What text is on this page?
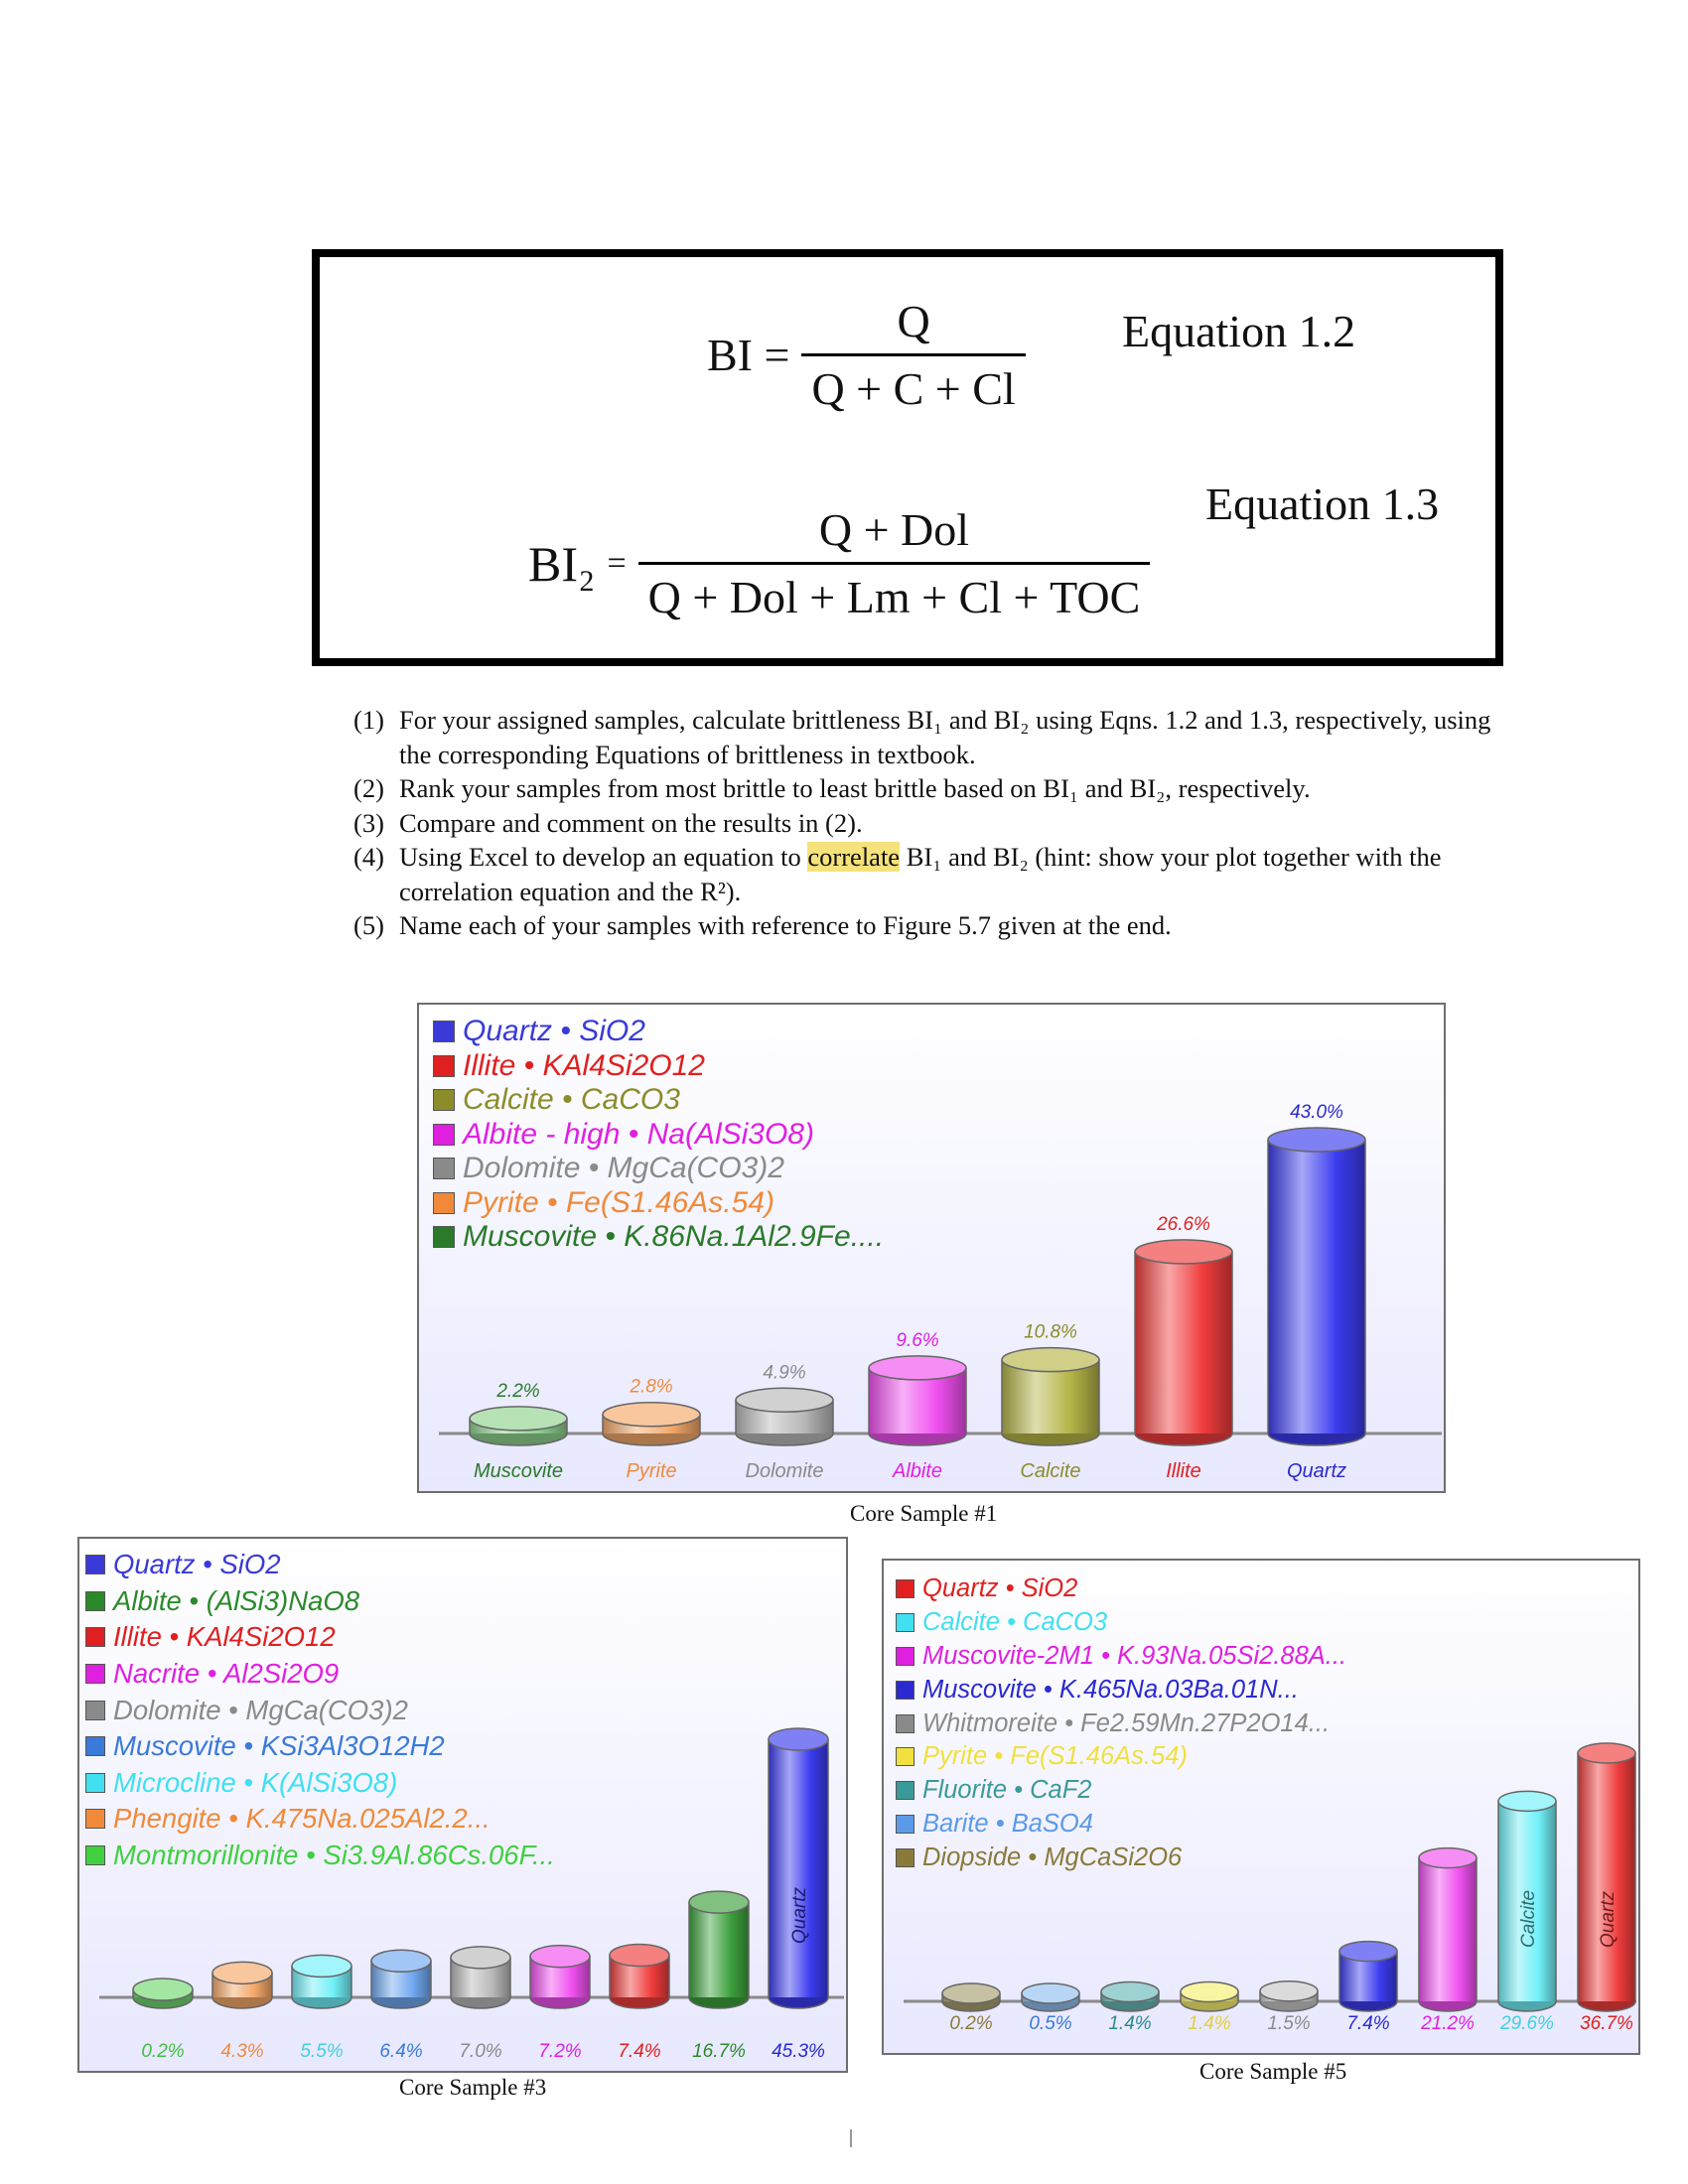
BI = $\frac{Q}{Q + C + Cl}$ Equation 1.2
$BI_2 = \frac{\text{Q + Dol}}{\text{Q + Dol + Lm + Cl + TOC}}$ Equation 1.3
(1) For your assigned samples, calculate brittleness BI₁ and BI₂ using Eqns. 1.2 and 1.3, respectively, using the corresponding Equations of brittleness in textbook.
(2) Rank your samples from most brittle to least brittle based on BI₁ and BI₂, respectively.
(3) Compare and comment on the results in (2).
(4) Using Excel to develop an equation to correlate BI₁ and BI₂ (hint: show your plot together with the correlation equation and the R²).
(5) Name each of your samples with reference to Figure 5.7 given at the end.
Quartz • SiO2
Illite • KAl4Si2O12
Calcite • CaCO3
Albite - high • Na(AlSi3O8)
Dolomite • MgCa(CO3)2
Pyrite • Fe(S1.46As.54)
Muscovite • K.86Na.1Al2.9Fe....
2.2%
Muscovite
2.8%
Pyrite
4.9%
Dolomite
9.6%
Albite
10.8%
Calcite
26.6%
Illite
43.0%
Quartz
Core Sample #1
Quartz • SiO2
Albite • (AlSi3)NaO8
Illite • KAl4Si2O12
Nacrite • Al2Si2O9
Dolomite • MgCa(CO3)2
Muscovite • KSi3Al3O12H2
Microcline • K(AlSi3O8)
Phengite • K.475Na.025Al2.2...
Montmorillonite • Si3.9Al.86Cs.06F...
0.2% 4.3% 5.5% 6.4% 7.0% 7.2% 7.4% 16.7% 45.3%
Quartz
Core Sample #3
Quartz • SiO2
Calcite • CaCO3
Muscovite-2M1 • K.93Na.05Si2.88A...
Muscovite • K.465Na.03Ba.01N...
Whitmoreite • Fe2.59Mn.27P2O14...
Pyrite • Fe(S1.46As.54)
Fluorite • CaF2
Barite • BaSO4
Diopside • MgCaSi2O6
0.2% 0.5% 1.4% 1.4% 1.5% 7.4% 21.2% 29.6% 36.7%
Calcite	Quartz
Core Sample #5
